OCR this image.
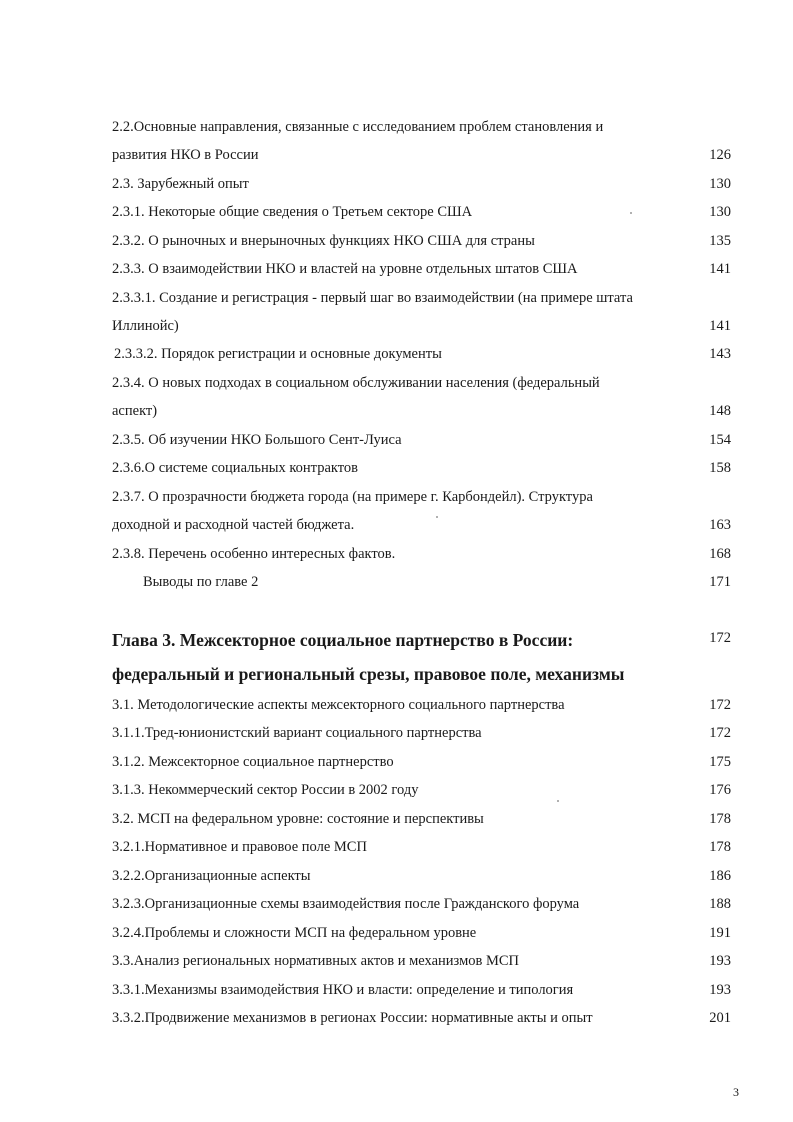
2.2.Основные направления, связанные с исследованием проблем становления и
развития НКО в России	126
2.3. Зарубежный опыт	130
2.3.1. Некоторые общие сведения о Третьем секторе США	130
2.3.2. О рыночных и внерыночных функциях НКО США для страны	135
2.3.3. О взаимодействии НКО и властей на уровне отдельных штатов США	141
2.3.3.1. Создание и регистрация - первый шаг во взаимодействии (на примере штата
Иллинойс)	141
2.3.3.2. Порядок регистрации и основные документы	143
2.3.4. О новых подходах в социальном обслуживании населения (федеральный
аспект)	148
2.3.5. Об изучении НКО Большого Сент-Луиса	154
2.3.6.О системе социальных контрактов	158
2.3.7. О прозрачности бюджета города (на примере г. Карбондейл). Структура
доходной и расходной частей бюджета.	163
2.3.8. Перечень особенно интересных фактов.	168
Выводы по главе 2	171
Глава 3. Межсекторное социальное партнерство в России:	172
федеральный и региональный срезы, правовое поле, механизмы
3.1. Методологические аспекты межсекторного социального партнерства	172
3.1.1.Тред-юнионистский вариант социального партнерства	172
3.1.2. Межсекторное социальное партнерство	175
3.1.3. Некоммерческий сектор России в 2002 году	176
3.2. МСП на федеральном уровне: состояние и перспективы	178
3.2.1.Нормативное и правовое поле МСП	178
3.2.2.Организационные аспекты	186
3.2.3.Организационные схемы взаимодействия после Гражданского форума	188
3.2.4.Проблемы и сложности МСП на федеральном уровне	191
3.3.Анализ региональных нормативных актов и механизмов МСП	193
3.3.1.Механизмы взаимодействия НКО и власти: определение и типология	193
3.3.2.Продвижение механизмов в регионах России: нормативные акты и опыт	201
3
